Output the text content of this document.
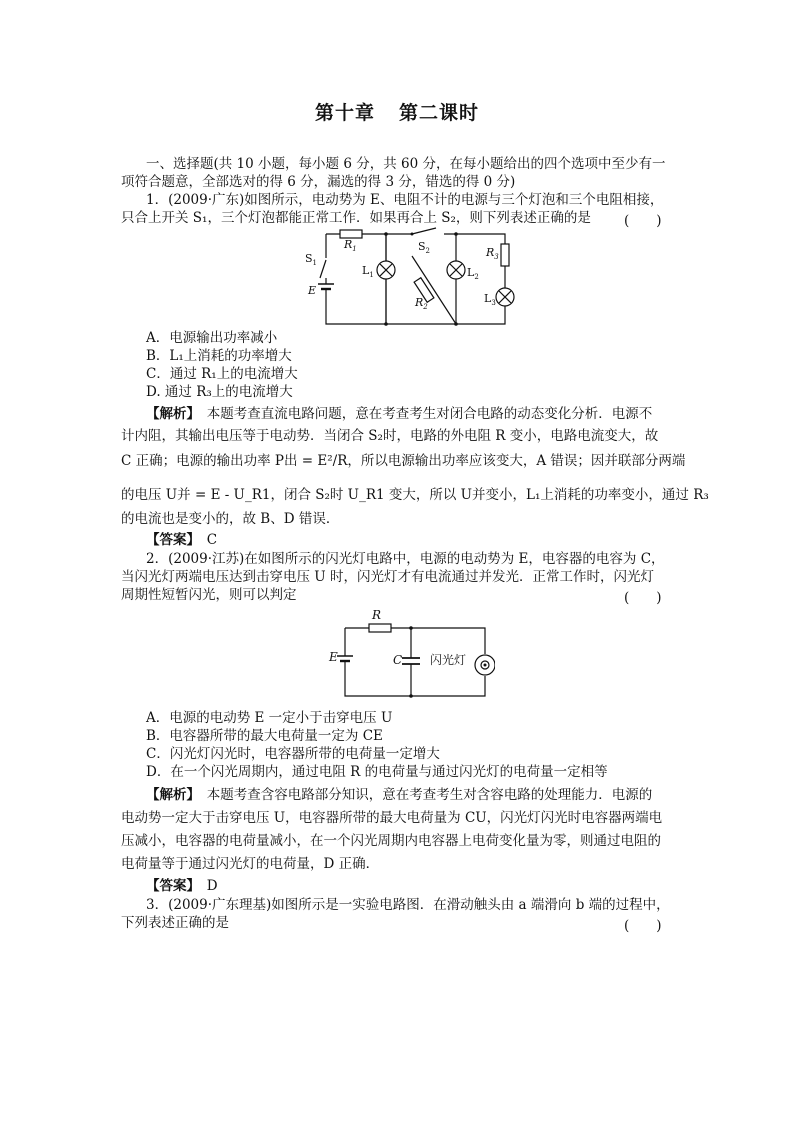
第十章 第二课时
一、选择题(共 10 小题，每小题 6 分，共 60 分，在每小题给出的四个选项中至少有一
项符合题意，全部选对的得 6 分，漏选的得 3 分，错选的得 0 分)
1．(2009·广东)如图所示，电动势为 E、电阻不计的电源与三个灯泡和三个电阻相接，
只合上开关 S₁，三个灯泡都能正常工作．如果再合上 S₂，则下列表述正确的是 (　　)
$S_1$
$R_1$	$S_2$	$R_3$
$L_1$	$L_2$
$L_3$
E
$R_2$
A．电源输出功率减小
B．L₁上消耗的功率增大
C．通过 R₁上的电流增大
D. 通过 R₃上的电流增大
【解析】　 本题考查直流电路问题，意在考查考生对闭合电路的动态变化分析．电源不
计内阻，其输出电压等于电动势．当闭合 S₂时，电路的外电阻 R 变小，电路电流变大，故
C 正确；电源的输出功率 P出 = E²/R，所以电源输出功率应该变大，A 错误；因并联部分两端
的电压 U并 = E - U_R1，闭合 S₂时 U_R1 变大，所以 U并变小，L₁上消耗的功率变小，通过 R₃
的电流也是变小的，故 B、D 错误．
【答案】　 C
2．(2009·江苏)在如图所示的闪光灯电路中，电源的电动势为 E，电容器的电容为 C，
当闪光灯两端电压达到击穿电压 U 时，闪光灯才有电流通过并发光．正常工作时，闪光灯
周期性短暂闪光，则可以判定	(　　)
R
E	C 闪光灯
A．电源的电动势 E 一定小于击穿电压 U
B．电容器所带的最大电荷量一定为 CE
C．闪光灯闪光时，电容器所带的电荷量一定增大
D．在一个闪光周期内，通过电阻 R 的电荷量与通过闪光灯的电荷量一定相等
【解析】　 本题考查含容电路部分知识，意在考查考生对含容电路的处理能力．电源的
电动势一定大于击穿电压 U，电容器所带的最大电荷量为 CU，闪光灯闪光时电容器两端电
压减小，电容器的电荷量减小，在一个闪光周期内电容器上电荷变化量为零，则通过电阻的
电荷量等于通过闪光灯的电荷量，D 正确．
【答案】　 D
3．(2009·广东理基)如图所示是一实验电路图．在滑动触头由 a 端滑向 b 端的过程中，
下列表述正确的是	(　　)
